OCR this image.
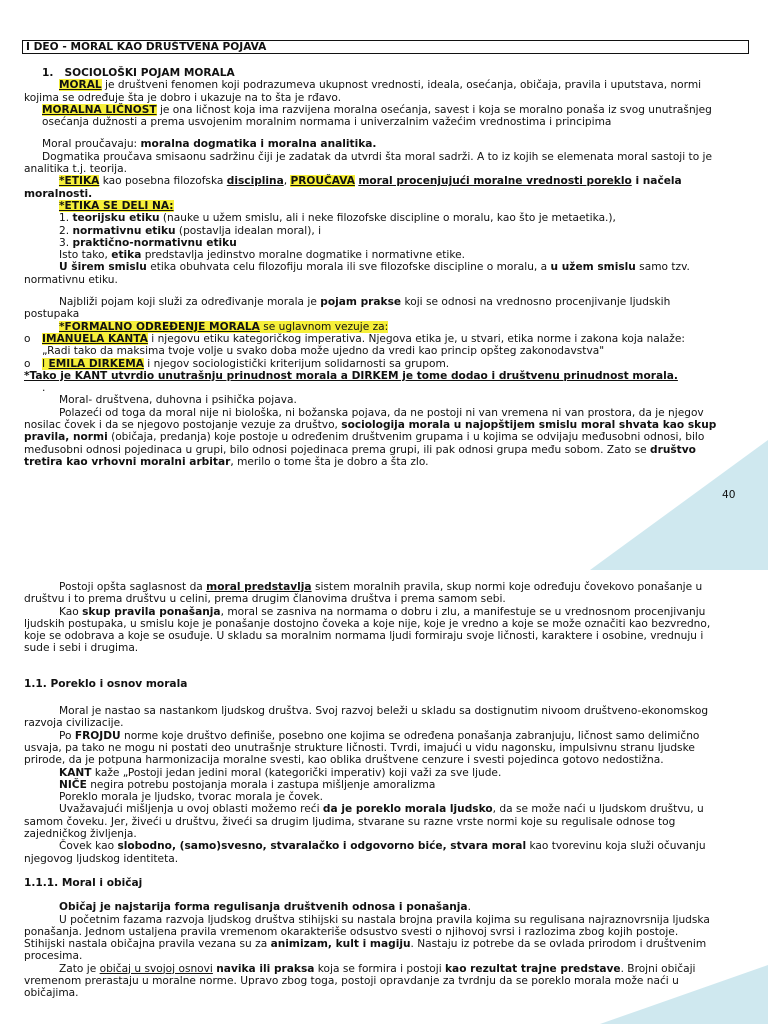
I DEO - MORAL KAO DRUŠTVENA POJAVA
1. SOCIOLOŠKI POJAM MORALA
MORAL je društveni fenomen koji podrazumeva ukupnost vrednosti, ideala, osećanja, običaja, pravila i uputstava, normi
kojima se određuje šta je dobro i ukazuje na to šta je rđavo.
MORALNA LIČNOST je ona ličnost koja ima razvijena moralna osećanja, savest i koja se moralno ponaša iz svog unutrašnjeg
osećanja dužnosti a prema usvojenim moralnim normama i univerzalnim važećim vrednostima i principima
Moral proučavaju: moralna dogmatika i moralna analitika.
Dogmatika proučava smisaonu sadržinu čiji je zadatak da utvrdi šta moral sadrži. A to iz kojih se elemenata moral sastoji to je
analitika t.j. teorija.
*ETIKA kao posebna filozofska disciplina, PROUČAVA moral procenjujući moralne vrednosti poreklo i načela
moralnosti.
*ETIKA SE DELI NA:
1. teorijsku etiku (nauke u užem smislu, ali i neke filozofske discipline o moralu, kao što je metaetika.),
2. normativnu etiku (postavlja idealan moral), i
3. praktično-normativnu etiku
Isto tako, etika predstavlja jedinstvo moralne dogmatike i normativne etike.
U širem smislu etika obuhvata celu filozofiju morala ili sve filozofske discipline o moralu, a u užem smislu samo tzv.
normativnu etiku.
Najbliži pojam koji služi za određivanje morala je pojam prakse koji se odnosi na vrednosno procenjivanje ljudskih
postupaka
*FORMALNO ODREĐENJE MORALA se uglavnom vezuje za:
o IMANUELA KANTA i njegovu etiku kategoričkog imperativa. Njegova etika je, u stvari, etika norme i zakona koja nalaže:
„Radi tako da maksima tvoje volje u svako doba može ujedno da vredi kao princip opšteg zakonodavstva"
o I EMILA DIRKEMA i njegov sociologistički kriterijum solidarnosti sa grupom.
*Tako je KANT utvrdio unutrašnju prinudnost morala a DIRKEM je tome dodao i društvenu prinudnost morala.
.
Moral- društvena, duhovna i psihička pojava.
Polazeći od toga da moral nije ni biološka, ni božanska pojava, da ne postoji ni van vremena ni van prostora, da je njegov
nosilac čovek i da se njegovo postojanje vezuje za društvo, sociologija morala u najopštijem smislu moral shvata kao skup
pravila, normi (običaja, predanja) koje postoje u određenim društvenim grupama i u kojima se odvijaju međusobni odnosi, bilo
međusobni odnosi pojedinaca u grupi, bilo odnosi pojedinaca prema grupi, ili pak odnosi grupa među sobom. Zato se društvo
tretira kao vrhovni moralni arbitar, merilo o tome šta je dobro a šta zlo.
40
Postoji opšta saglasnost da moral predstavlja sistem moralnih pravila, skup normi koje određuju čovekovo ponašanje u
društvu i to prema društvu u celini, prema drugim članovima društva i prema samom sebi.
Kao skup pravila ponašanja, moral se zasniva na normama o dobru i zlu, a manifestuje se u vrednosnom procenjivanju
ljudskih postupaka, u smislu koje je ponašanje dostojno čoveka a koje nije, koje je vredno a koje se može označiti kao bezvredno,
koje se odobrava a koje se osuđuje. U skladu sa moralnim normama ljudi formiraju svoje ličnosti, karaktere i osobine, vrednuju i
sude i sebi i drugima.
1.1. Poreklo i osnov morala
Moral je nastao sa nastankom ljudskog društva. Svoj razvoj beleži u skladu sa dostignutim nivoom društveno-ekonomskog
razvoja civilizacije.
Po FROJDU norme koje društvo definiše, posebno one kojima se određena ponašanja zabranjuju, ličnost samo delimično
usvaja, pa tako ne mogu ni postati deo unutrašnje strukture ličnosti. Tvrdi, imajući u vidu nagonsku, impulsivnu stranu ljudske
prirode, da je potpuna harmonizacija moralne svesti, kao oblika društvene cenzure i svesti pojedinca gotovo nedostižna.
KANT kaže „Postoji jedan jedini moral (kategorički imperativ) koji važi za sve ljude.
NIČE negira potrebu postojanja morala i zastupa mišljenje amoralizma
Poreklo morala je ljudsko, tvorac morala je čovek.
Uvažavajući mišljenja u ovoj oblasti možemo reći da je poreklo morala ljudsko, da se može naći u ljudskom društvu, u
samom čoveku. Jer, živeći u društvu, živeći sa drugim ljudima, stvarane su razne vrste normi koje su regulisale odnose tog
zajedničkog življenja.
Čovek kao slobodno, (samo)svesno, stvaralačko i odgovorno biće, stvara moral kao tvorevinu koja služi očuvanju
njegovog ljudskog identiteta.
1.1.1. Moral i običaj
Običaj je najstarija forma regulisanja društvenih odnosa i ponašanja.
U početnim fazama razvoja ljudskog društva stihijski su nastala brojna pravila kojima su regulisana najraznovrsnija ljudska
ponašanja. Jednom ustaljena pravila vremenom okarakteriše odsustvo svesti o njihovoj svrsi i razlozima zbog kojih postoje.
Stihijski nastala običajna pravila vezana su za animizam, kult i magiju. Nastaju iz potrebe da se ovlada prirodom i društvenim
procesima.
Zato je običaj u svojoj osnovi navika ili praksa koja se formira i postoji kao rezultat trajne predstave. Brojni običaji
vremenom prerastaju u moralne norme. Upravo zbog toga, postoji opravdanje za tvrdnju da se poreklo morala može naći u
običajima.
